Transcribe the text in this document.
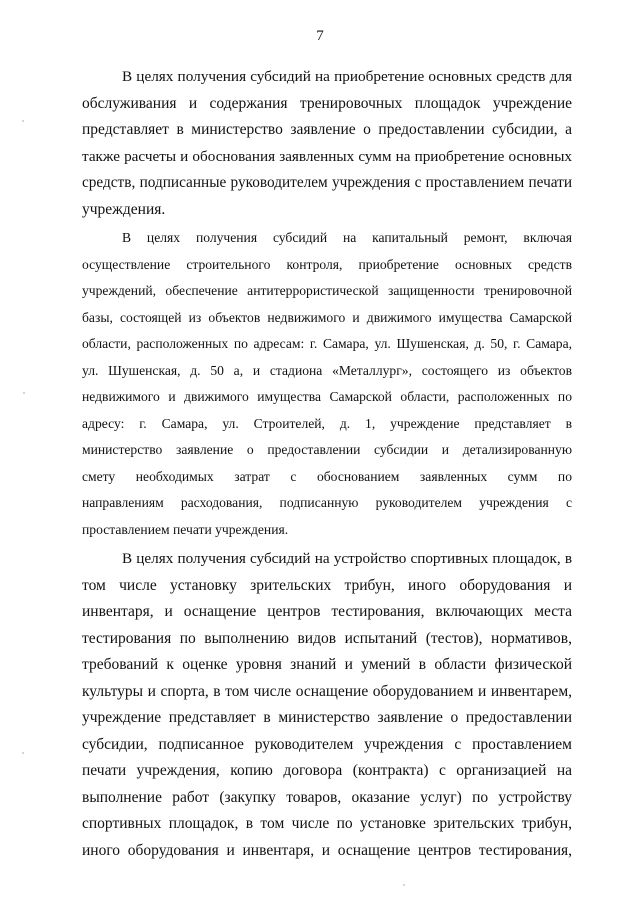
7
В целях получения субсидий на приобретение основных средств для
обслуживания и содержания тренировочных площадок учреждение
представляет в министерство заявление о предоставлении субсидии, а
также расчеты и обоснования заявленных сумм на приобретение основных
средств, подписанные руководителем учреждения с проставлением печати
учреждения.
В целях получения субсидий на капитальный ремонт, включая
осуществление строительного контроля, приобретение основных средств
учреждений, обеспечение антитеррористической защищенности тренировочной
базы, состоящей из объектов недвижимого и движимого имущества Самарской
области, расположенных по адресам: г. Самара, ул. Шушенская, д. 50, г. Самара,
ул. Шушенская, д. 50 а, и стадиона «Металлург», состоящего из объектов
недвижимого и движимого имущества Самарской области, расположенных по
адресу: г. Самара, ул. Строителей, д. 1, учреждение представляет в
министерство заявление о предоставлении субсидии и детализированную
смету необходимых затрат с обоснованием заявленных сумм по
направлениям расходования, подписанную руководителем учреждения с
проставлением печати учреждения.
В целях получения субсидий на устройство спортивных площадок, в
том числе установку зрительских трибун, иного оборудования и
инвентаря, и оснащение центров тестирования, включающих места
тестирования по выполнению видов испытаний (тестов), нормативов,
требований к оценке уровня знаний и умений в области физической
культуры и спорта, в том числе оснащение оборудованием и инвентарем,
учреждение представляет в министерство заявление о предоставлении
субсидии, подписанное руководителем учреждения с проставлением
печати учреждения, копию договора (контракта) с организацией на
выполнение работ (закупку товаров, оказание услуг) по устройству
спортивных площадок, в том числе по установке зрительских трибун,
иного оборудования и инвентаря, и оснащение центров тестирования,
